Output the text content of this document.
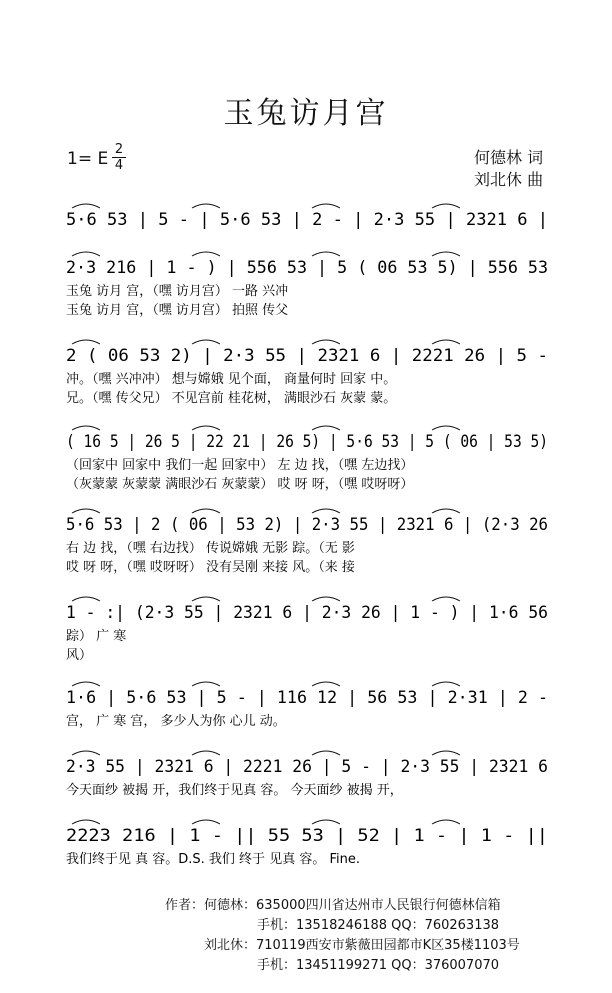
玉兔访月宫
1= E 2
4	何德林 词
刘北休 曲
5·6 53 | 5 - | 5·6 53 | 2 - | 2·3 55 | 2321 6 |
2·3 216 | 1 - ) | 556 53 | 5 ( 06 53 5) | 556 53
玉兔 访月 宫，（嘿 访月宫） 一路 兴冲
玉兔 访月 宫，（嘿 访月宫） 拍照 传父
2 ( 06 53 2) | 2·3 55 | 2321 6 | 2221 26 | 5 -
冲。（嘿 兴冲冲） 想与嫦娥 见个面， 商量何时 回家 中。
兄。（嘿 传父兄） 不见宫前 桂花树， 满眼沙石 灰蒙 蒙。
( 16 5 | 26 5 | 22 21 | 26 5) | 5·6 53 | 5 ( 06 | 53 5)
（回家中 回家中 我们一起 回家中） 左 边 找，（嘿 左边找）
（灰蒙蒙 灰蒙蒙 满眼沙石 灰蒙蒙） 哎 呀 呀，（嘿 哎呀呀）
5·6 53 | 2 ( 06 | 53 2) | 2·3 55 | 2321 6 | (2·3 26
右 边 找，（嘿 右边找） 传说嫦娥 无影 踪。（无 影
哎 呀 呀，（嘿 哎呀呀） 没有吴刚 来接 风。（来 接
1 - :| (2·3 55 | 2321 6 | 2·3 26 | 1 - ) | 1·6 56
踪） 广 寒
风）
1·6 | 5·6 53 | 5 - | 116 12 | 56 53 | 2·31 | 2 -
宫， 广 寒 宫， 多少人为你 心儿 动。
2·3 55 | 2321 6 | 2221 26 | 5 - | 2·3 55 | 2321 6
今天面纱 被揭 开，我们终于见真 容。 今天面纱 被揭 开，
2223 216 | 1 - || 55 53 | 52 | 1 - | 1 - ||
我们终于见 真 容。D.S. 我们 终于 见真 容。 Fine.
作者：何德林：635000四川省达州市人民银行何德林信箱
手机：13518246188 QQ：760263138
刘北休：710119西安市紫薇田园都市K区35楼1103号
手机：13451199271 QQ：376007070
